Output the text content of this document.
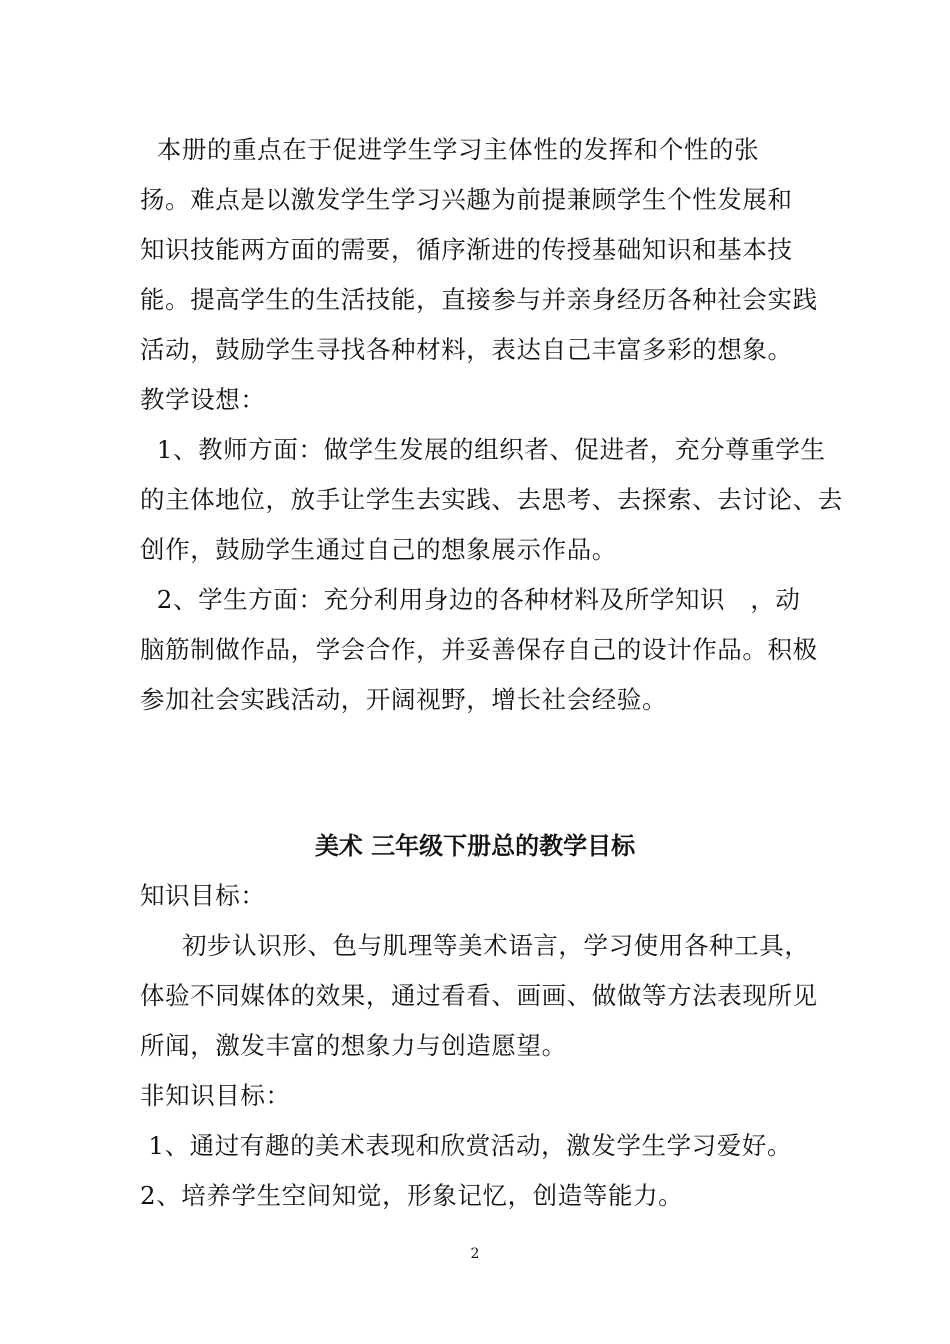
本册的重点在于促进学生学习主体性的发挥和个性的张
扬。难点是以激发学生学习兴趣为前提兼顾学生个性发展和
知识技能两方面的需要，循序渐进的传授基础知识和基本技
能。提高学生的生活技能，直接参与并亲身经历各种社会实践
活动，鼓励学生寻找各种材料，表达自己丰富多彩的想象。
教学设想：
1、教师方面：做学生发展的组织者、促进者，充分尊重学生
的主体地位，放手让学生去实践、去思考、去探索、去讨论、去
创作，鼓励学生通过自己的想象展示作品。
2、学生方面：充分利用身边的各种材料及所学知识   ，动
脑筋制做作品，学会合作，并妥善保存自己的设计作品。积极
参加社会实践活动，开阔视野，增长社会经验。
美术 三年级下册总的教学目标
知识目标：
初步认识形、色与肌理等美术语言，学习使用各种工具，
体验不同媒体的效果，通过看看、画画、做做等方法表现所见
所闻，激发丰富的想象力与创造愿望。
非知识目标：
1、通过有趣的美术表现和欣赏活动，激发学生学习爱好。
2、培养学生空间知觉，形象记忆，创造等能力。
2
